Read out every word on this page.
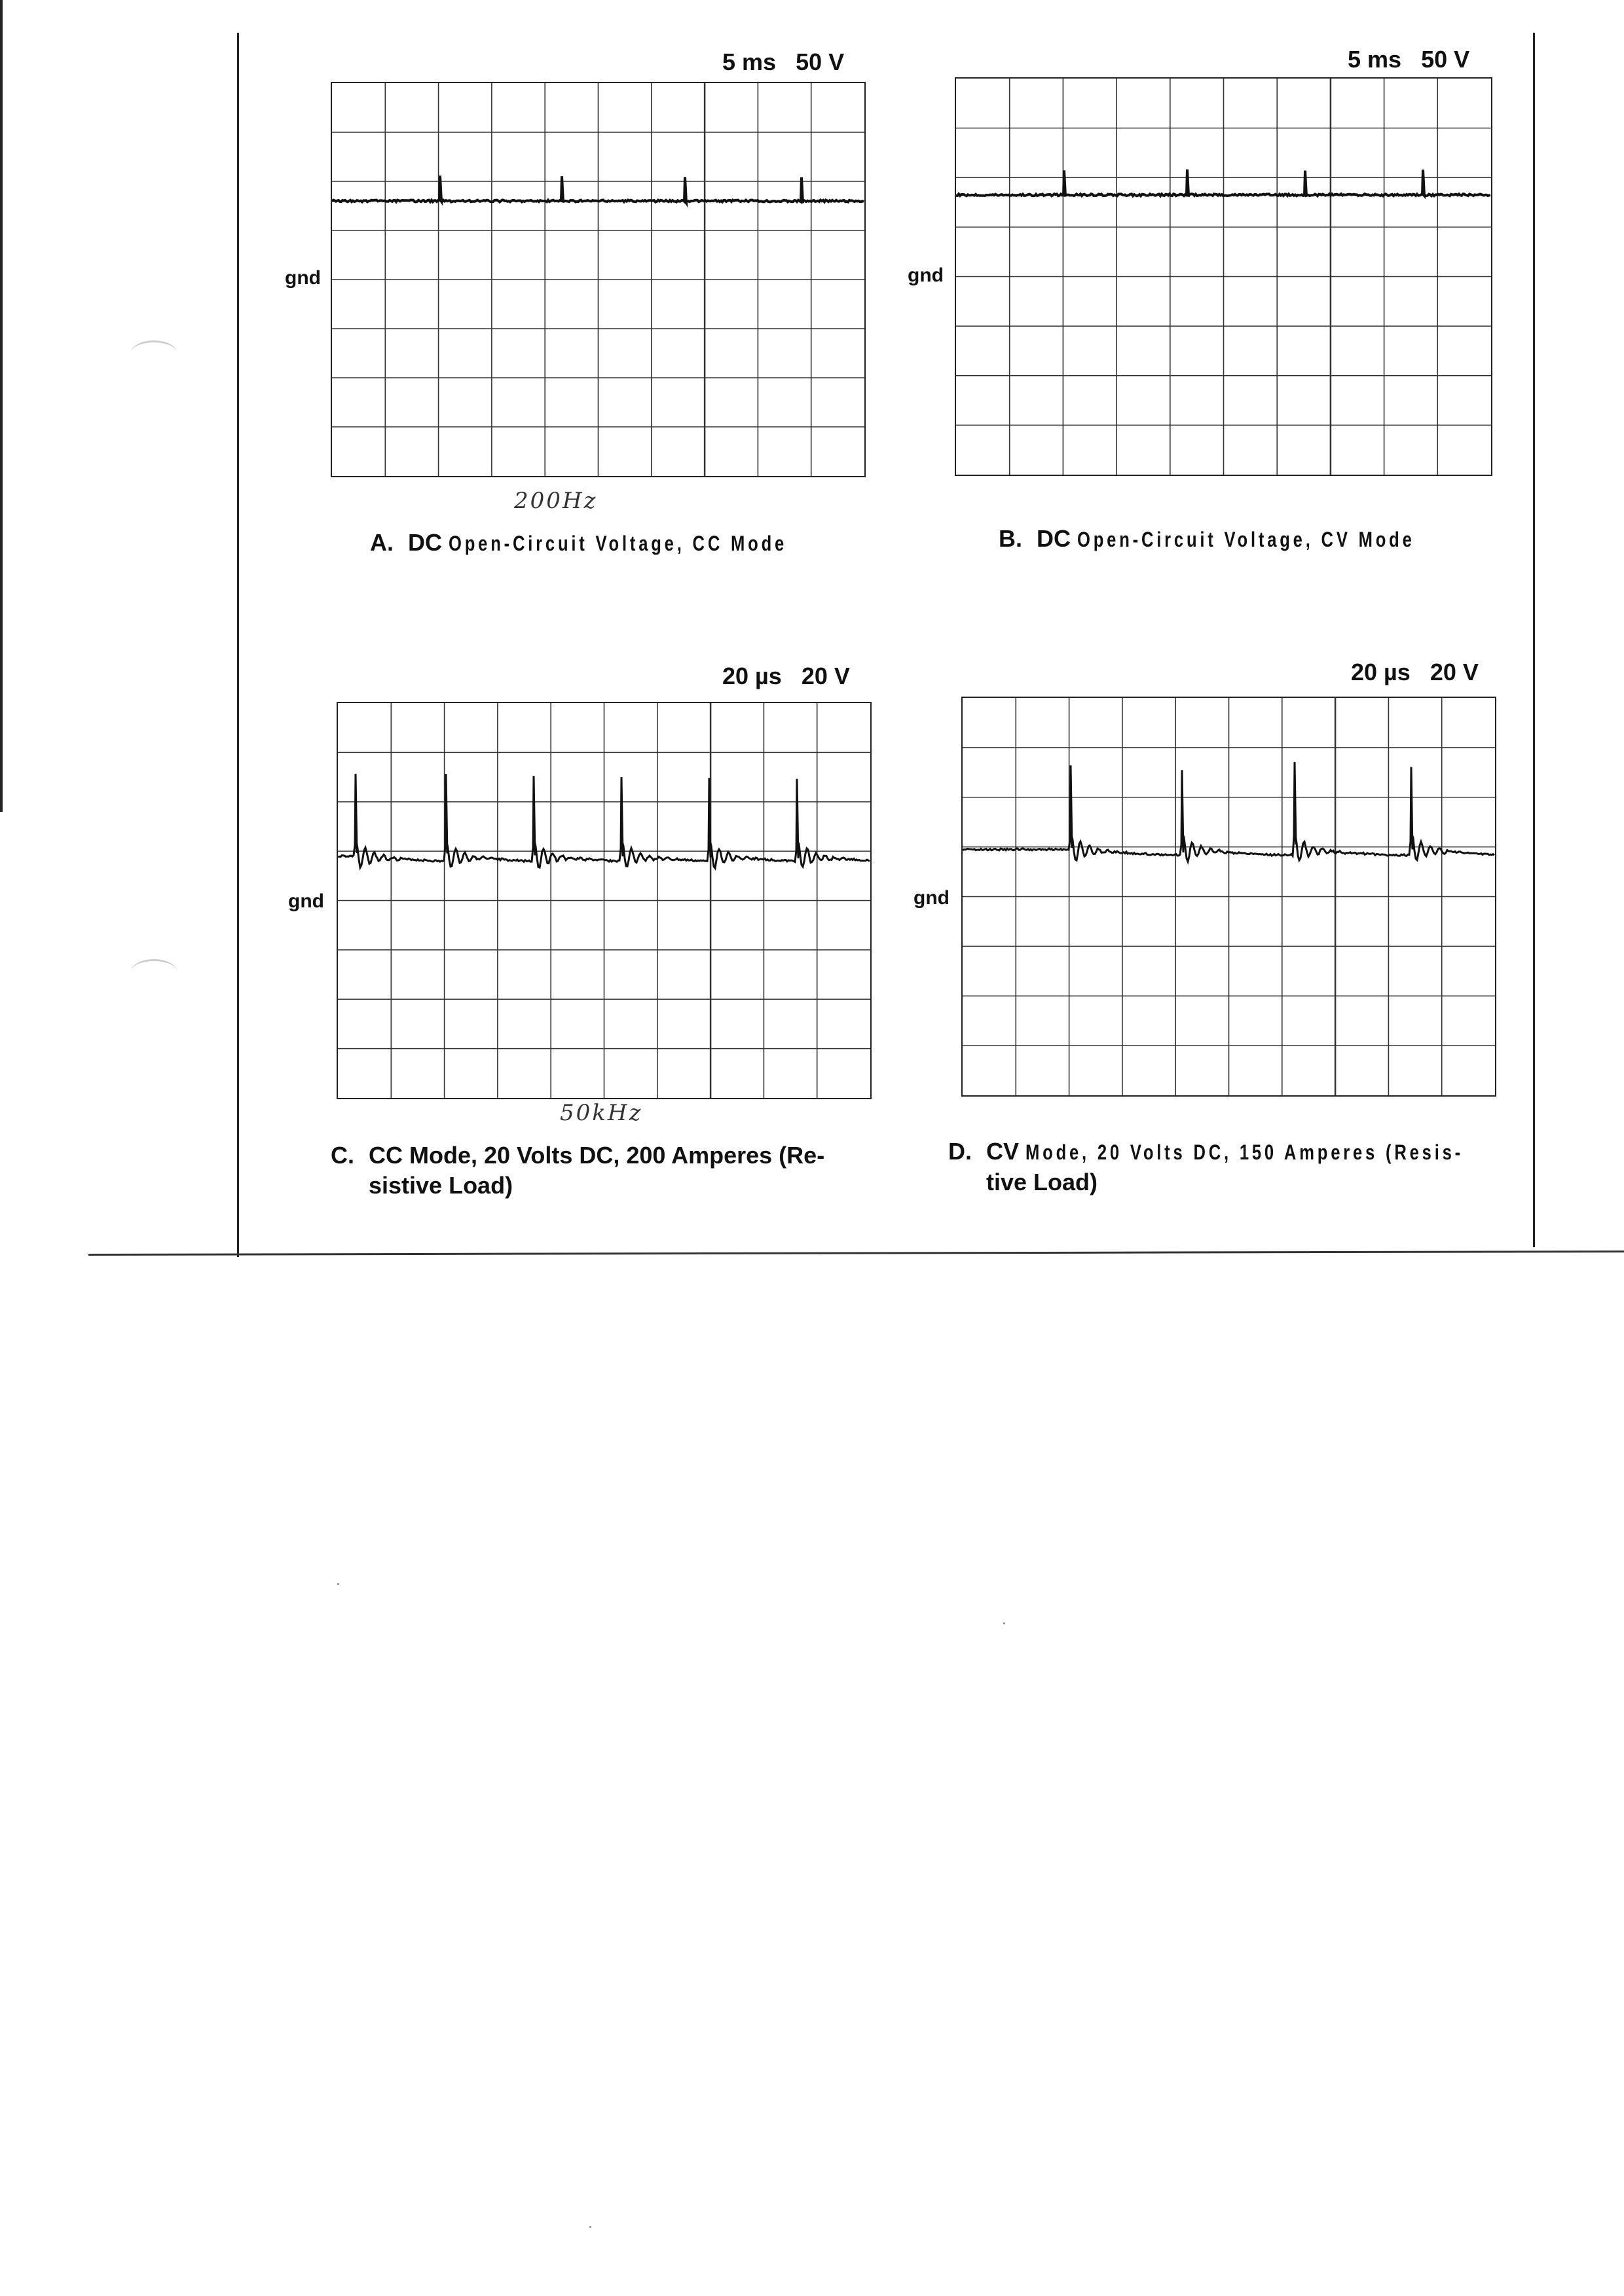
5 ms 50 V
gnd
200Hz
A. DC Open-Circuit Voltage, CC Mode
5 ms 50 V
gnd
B. DC Open-Circuit Voltage, CV Mode
20 µs 20 V
gnd
50kHz
C. CC Mode, 20 Volts DC, 200 Amperes (Re-
sistive Load)
20 µs 20 V
gnd
D. CV Mode, 20 Volts DC, 150 Amperes (Resis-
tive Load)
